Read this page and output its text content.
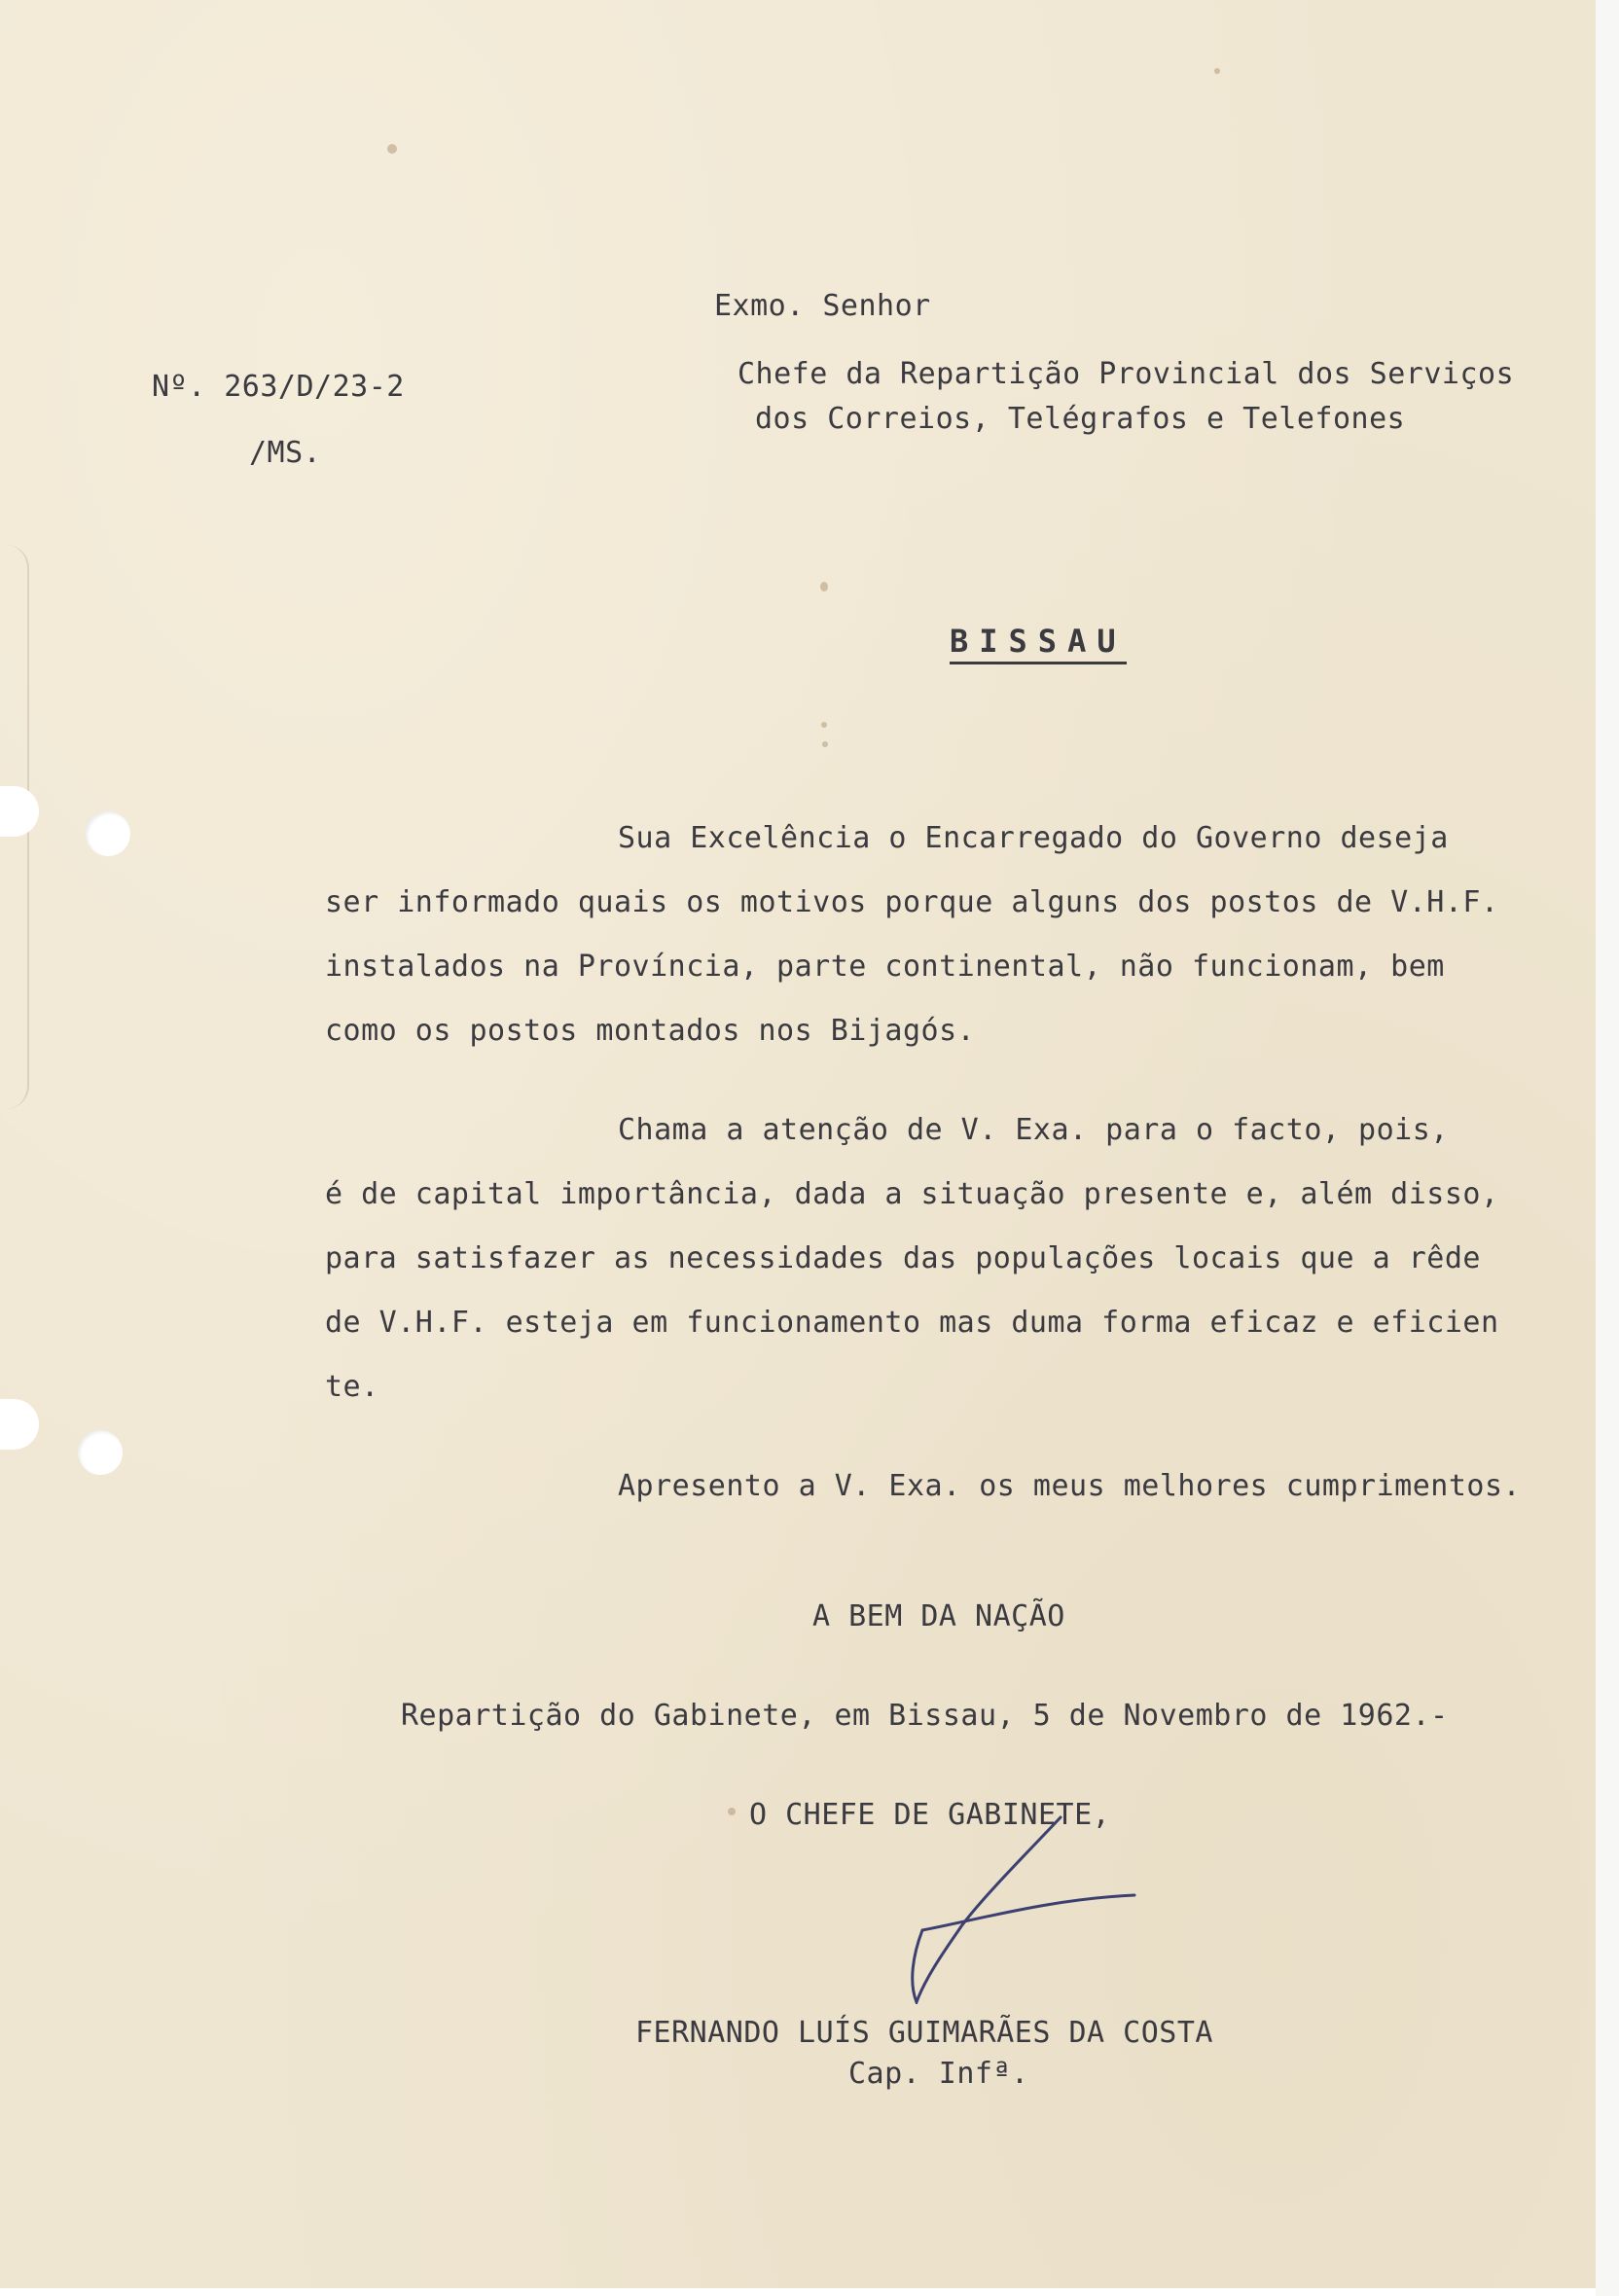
Exmo. Senhor
Nº. 263/D/23-2
/MS.
Chefe da Repartição Provincial dos Serviços
dos Correios, Telégrafos e Telefones
BISSAU
Sua Excelência o Encarregado do Governo deseja
ser informado quais os motivos porque alguns dos postos de V.H.F.
instalados na Província, parte continental, não funcionam, bem
como os postos montados nos Bijagós.
Chama a atenção de V. Exa. para o facto, pois,
é de capital importância, dada a situação presente e, além disso,
para satisfazer as necessidades das populações locais que a rêde
de V.H.F. esteja em funcionamento mas duma forma eficaz e eficien
te.
Apresento a V. Exa. os meus melhores cumprimentos.
A BEM DA NAÇÃO
Repartição do Gabinete, em Bissau, 5 de Novembro de 1962.-
O CHEFE DE GABINETE,
FERNANDO LUÍS GUIMARÃES DA COSTA
Cap. Infª.
